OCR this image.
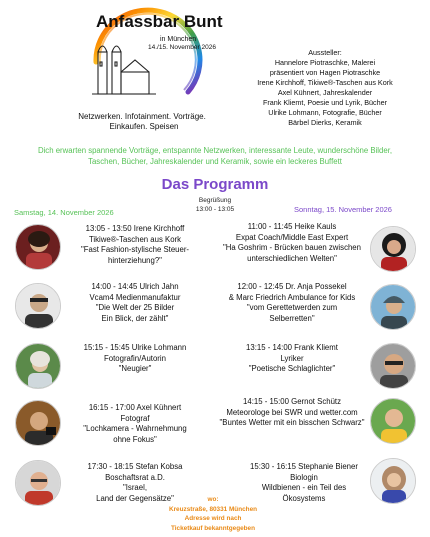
Anfassbar Bunt
in München
14./15. November 2026
Aussteller:
Hannelore Piotraschke, Malerei
präsentiert von Hagen Piotraschke
Irene Kirchhoff, Tikiwe®-Taschen aus Kork
Axel Kühnert, Jahreskalender
Frank Kliemt, Poesie und Lyrik, Bücher
Ulrike Lohmann, Fotografie, Bücher
Bärbel Dierks, Keramik
Netzwerken. Infotainment. Vorträge.
Einkaufen. Speisen
Dich erwarten spannende Vorträge, entspannte Netzwerken, interessante Leute, wunderschöne Bilder,
Taschen, Bücher, Jahreskalender und Keramik, sowie ein leckeres Buffett
Das Programm
Begrüßung
13:00 - 13:05
Samstag, 14. November 2026	Sonntag, 15. November 2026
13:05 - 13:50 Irene Kirchhoff
Tikiwe®-Taschen aus Kork
"Fast Fashion-stylische Steuer-
hinterziehung?"
14:00 - 14:45 Ulrich Jahn
Vcam4 Medienmanufaktur
"Die Welt der 25 Bilder
Ein Blick, der zählt"
15:15 - 15:45 Ulrike Lohmann
Fotografin/Autorin
"Neugier"
16:15 - 17:00 Axel Kühnert
Fotograf
"Lochkamera - Wahrnehmung
ohne Fokus"
17:30 - 18:15 Stefan Kobsa
Boschaftsrat a.D.
"Israel,
Land der Gegensätze"
11:00 - 11:45 Heike Kauls
Expat Coach/Middle East Expert
"Ha Goshrim - Brücken bauen zwischen
unterschiedlichen Welten"
12:00 - 12:45 Dr. Anja Possekel
& Marc Friedrich Ambulance for Kids
"vom Gerettetwerden zum
Selberretten"
13:15 - 14:00 Frank Kliemt
Lyriker
"Poetische Schlaglichter"
14:15 - 15:00 Gernot Schütz
Meteorologe bei SWR und wetter.com
"Buntes Wetter mit ein bisschen Schwarz"
15:30 - 16:15 Stephanie Biener
Biologin
Wildbienen - ein Teil des
Ökosystems
wo:
Kreuzstraße, 80331 München
Adresse wird nach
Ticketkauf bekanntgegeben
